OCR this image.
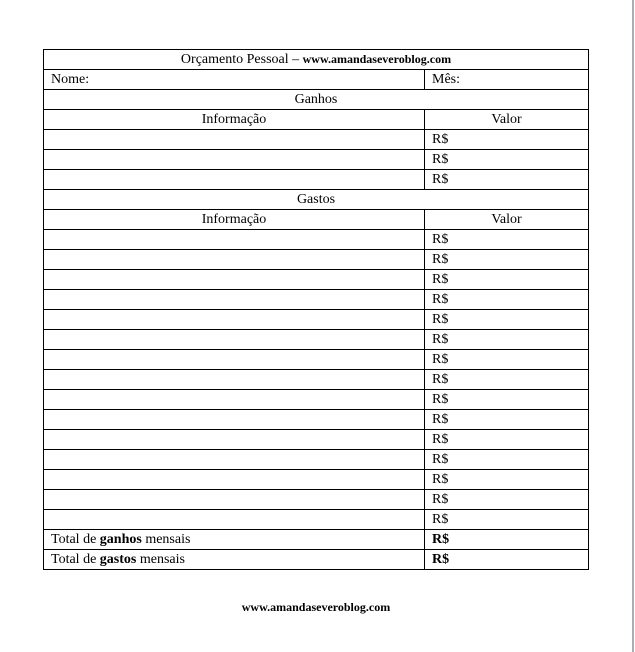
Orçamento Pessoal – www.amandaseveroblog.com	
Nome:	Mês:
Ganhos	
Informação	Valor
	R$
	R$
	R$
Gastos	
Informação	Valor
	R$
	R$
	R$
	R$
	R$
	R$
	R$
	R$
	R$
	R$
	R$
	R$
	R$
	R$
	R$
Total de ganhos mensais	R$
Total de gastos mensais	R$
www.amandaseveroblog.com
